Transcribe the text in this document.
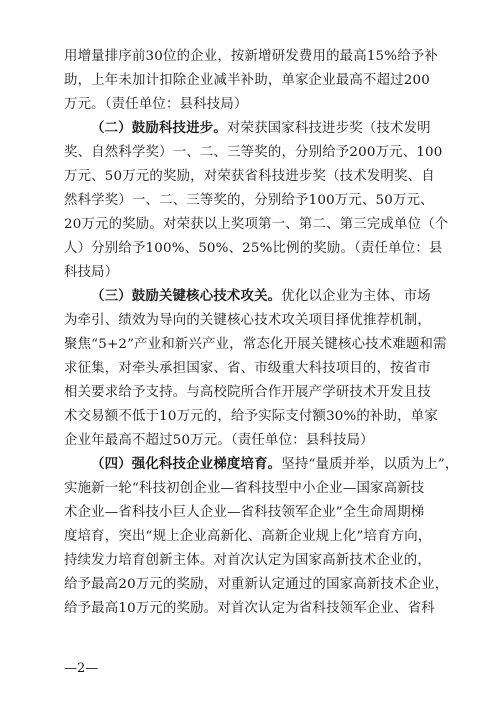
用增量排序前30位的企业，按新增研发费用的最高15%给予补
助，上年未加计扣除企业减半补助，单家企业最高不超过200
万元。（责任单位：县科技局）
（二）鼓励科技进步。对荣获国家科技进步奖（技术发明
奖、自然科学奖）一、二、三等奖的，分别给予200万元、100
万元、50万元的奖励，对荣获省科技进步奖（技术发明奖、自
然科学奖）一、二、三等奖的，分别给予100万元、50万元、
20万元的奖励。对荣获以上奖项第一、第二、第三完成单位（个
人）分别给予100%、50%、25%比例的奖励。（责任单位：县
科技局）
（三）鼓励关键核心技术攻关。优化以企业为主体、市场
为牵引、绩效为导向的关键核心技术攻关项目择优推荐机制，
聚焦“5+2”产业和新兴产业，常态化开展关键核心技术难题和需
求征集，对牵头承担国家、省、市级重大科技项目的，按省市
相关要求给予支持。与高校院所合作开展产学研技术开发且技
术交易额不低于10万元的，给予实际支付额30%的补助，单家
企业年最高不超过50万元。（责任单位：县科技局）
（四）强化科技企业梯度培育。坚持“量质并举，以质为上”，
实施新一轮“科技初创企业—省科技型中小企业—国家高新技
术企业—省科技小巨人企业—省科技领军企业”全生命周期梯
度培育，突出“规上企业高新化、高新企业规上化”培育方向，
持续发力培育创新主体。对首次认定为国家高新技术企业的，
给予最高20万元的奖励，对重新认定通过的国家高新技术企业，
给予最高10万元的奖励。对首次认定为省科技领军企业、省科
—2—
